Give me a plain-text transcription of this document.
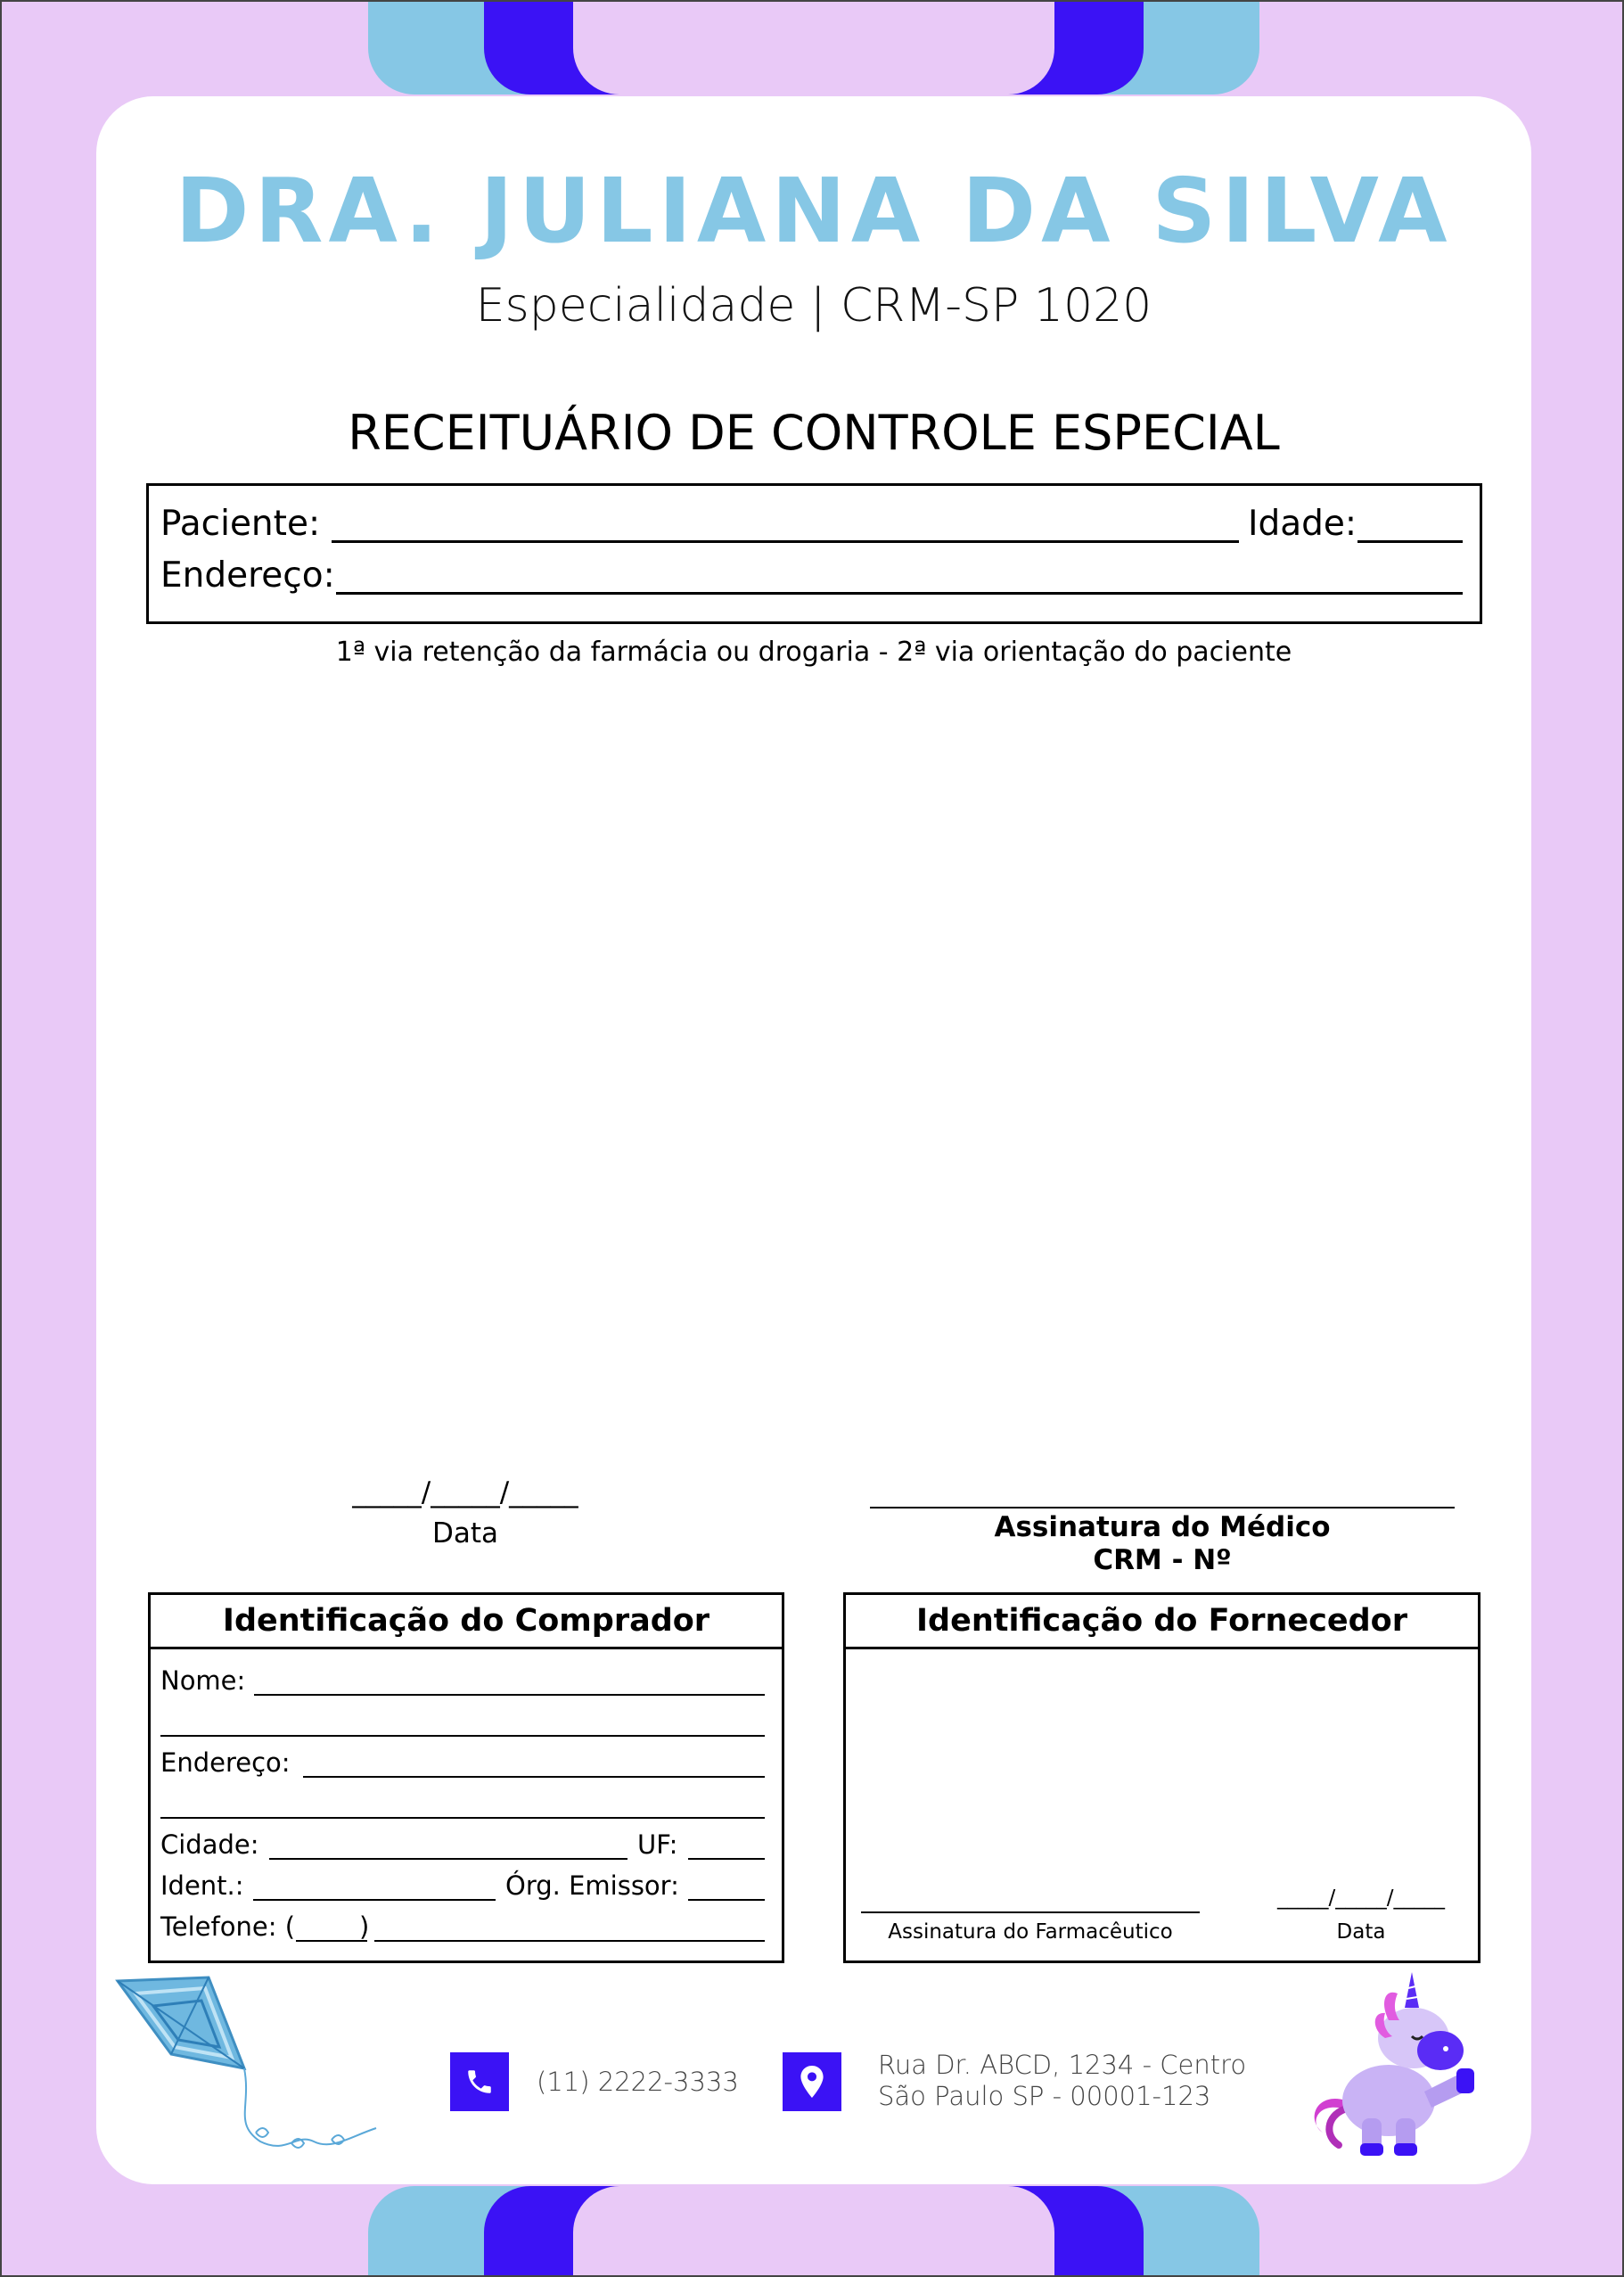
DRA. JULIANA DA SILVA
Especialidade | CRM-SP 1020
RECEITUÁRIO DE CONTROLE ESPECIAL
Paciente:	Idade:
Endereço:
1ª via retenção da farmácia ou drogaria - 2ª via orientação do paciente
_____/_____/_____
Data	Assinatura do Médico
CRM - Nº
Identificação do Comprador
Nome:
Endereço:
Cidade:	UF:
Ident.:	Órg. Emissor:
Telefone: ( )
Identificação do Fornecedor
Assinatura do Farmacêutico
_____/_____/_____
Data
(11) 2222-3333
Rua Dr. ABCD, 1234 - Centro
São Paulo SP - 00001-123
